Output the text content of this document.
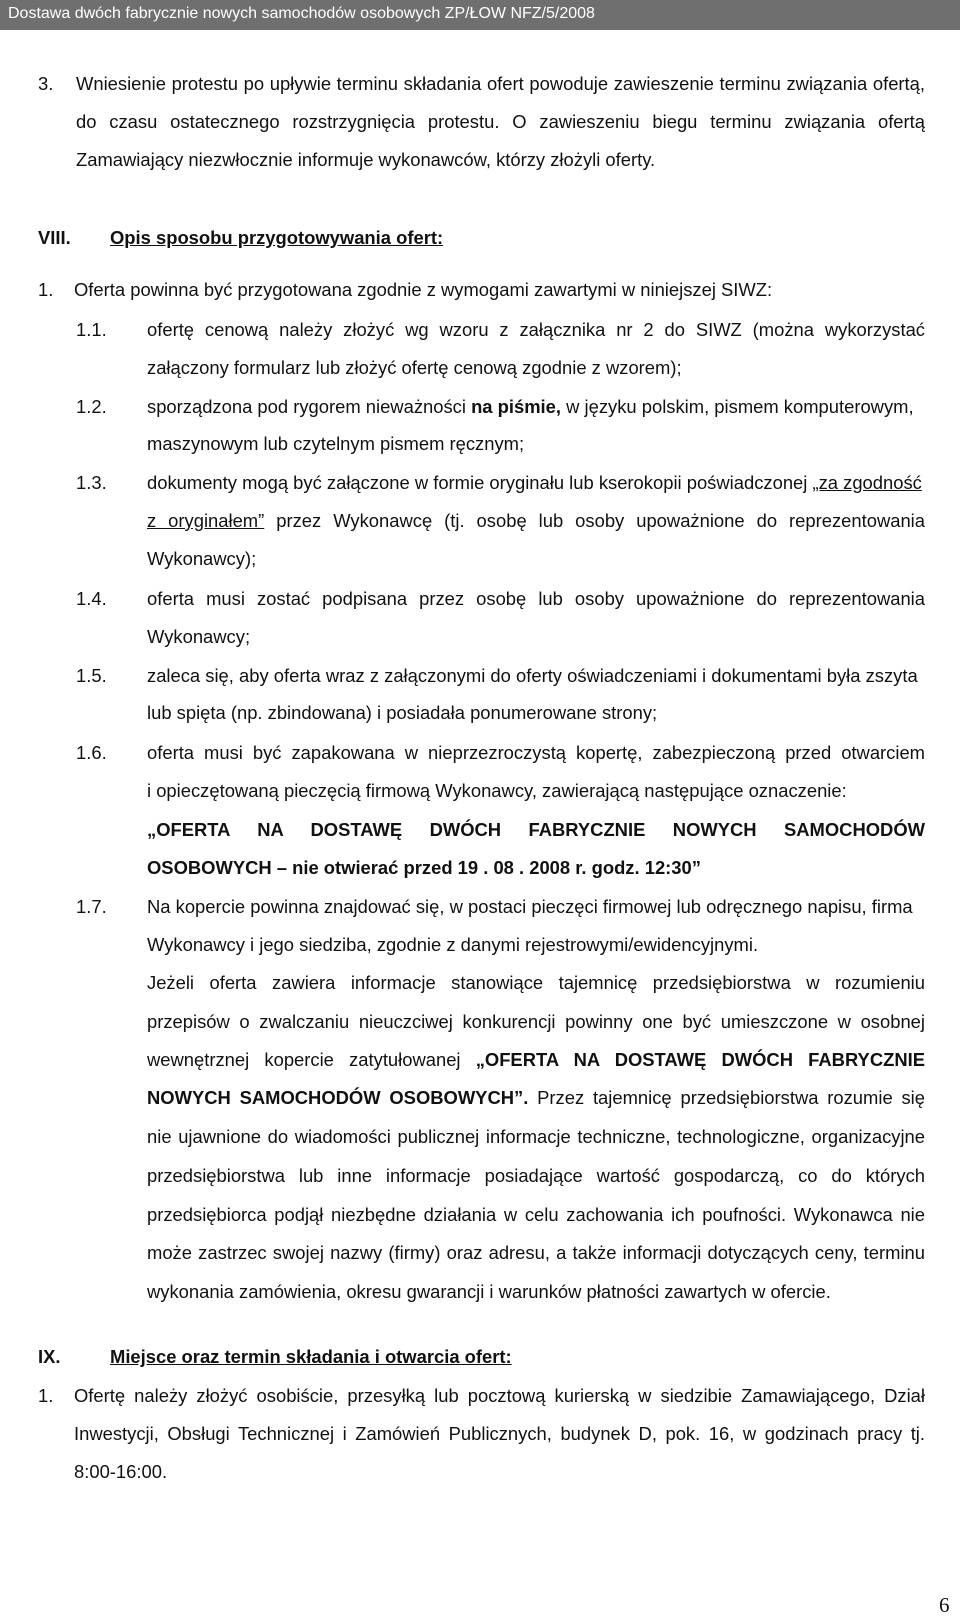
Dostawa dwóch fabrycznie nowych samochodów osobowych ZP/ŁOW NFZ/5/2008
3. Wniesienie protestu po upływie terminu składania ofert powoduje zawieszenie terminu związania ofertą,
do czasu ostatecznego rozstrzygnięcia protestu. O zawieszeniu biegu terminu związania ofertą
Zamawiający niezwłocznie informuje wykonawców, którzy złożyli oferty.
VIII. Opis sposobu przygotowywania ofert:
1. Oferta powinna być przygotowana zgodnie z wymogami zawartymi w niniejszej SIWZ:
1.1. ofertę cenową należy złożyć wg wzoru z załącznika nr 2 do SIWZ (można wykorzystać
załączony formularz lub złożyć ofertę cenową zgodnie z wzorem);
1.2. sporządzona pod rygorem nieważności na piśmie, w języku polskim, pismem komputerowym,
maszynowym lub czytelnym pismem ręcznym;
1.3. dokumenty mogą być załączone w formie oryginału lub kserokopii poświadczonej „za zgodność
z oryginałem” przez Wykonawcę (tj. osobę lub osoby upoważnione do reprezentowania
Wykonawcy);
1.4. oferta musi zostać podpisana przez osobę lub osoby upoważnione do reprezentowania
Wykonawcy;
1.5. zaleca się, aby oferta wraz z załączonymi do oferty oświadczeniami i dokumentami była zszyta
lub spięta (np. zbindowana) i posiadała ponumerowane strony;
1.6. oferta musi być zapakowana w nieprzezroczystą kopertę, zabezpieczoną przed otwarciem
i opieczętowaną pieczęcią firmową Wykonawcy, zawierającą następujące oznaczenie:
„OFERTA NA DOSTAWĘ DWÓCH FABRYCZNIE NOWYCH SAMOCHODÓW
OSOBOWYCH – nie otwierać przed 19 . 08 . 2008 r. godz. 12:30”
1.7. Na kopercie powinna znajdować się, w postaci pieczęci firmowej lub odręcznego napisu, firma
Wykonawcy i jego siedziba, zgodnie z danymi rejestrowymi/ewidencyjnymi.
Jeżeli oferta zawiera informacje stanowiące tajemnicę przedsiębiorstwa w rozumieniu
przepisów o zwalczaniu nieuczciwej konkurencji powinny one być umieszczone w osobnej
wewnętrznej kopercie zatytułowanej „OFERTA NA DOSTAWĘ DWÓCH FABRYCZNIE
NOWYCH SAMOCHODÓW OSOBOWYCH”. Przez tajemnicę przedsiębiorstwa rozumie się
nie ujawnione do wiadomości publicznej informacje techniczne, technologiczne, organizacyjne
przedsiębiorstwa lub inne informacje posiadające wartość gospodarczą, co do których
przedsiębiorca podjął niezbędne działania w celu zachowania ich poufności. Wykonawca nie
może zastrzec swojej nazwy (firmy) oraz adresu, a także informacji dotyczących ceny, terminu
wykonania zamówienia, okresu gwarancji i warunków płatności zawartych w ofercie.
IX.	Miejsce oraz termin składania i otwarcia ofert:
1. Ofertę należy złożyć osobiście, przesyłką lub pocztową kurierską w siedzibie Zamawiającego, Dział
Inwestycji, Obsługi Technicznej i Zamówień Publicznych, budynek D, pok. 16, w godzinach pracy tj.
8:00-16:00.
6
